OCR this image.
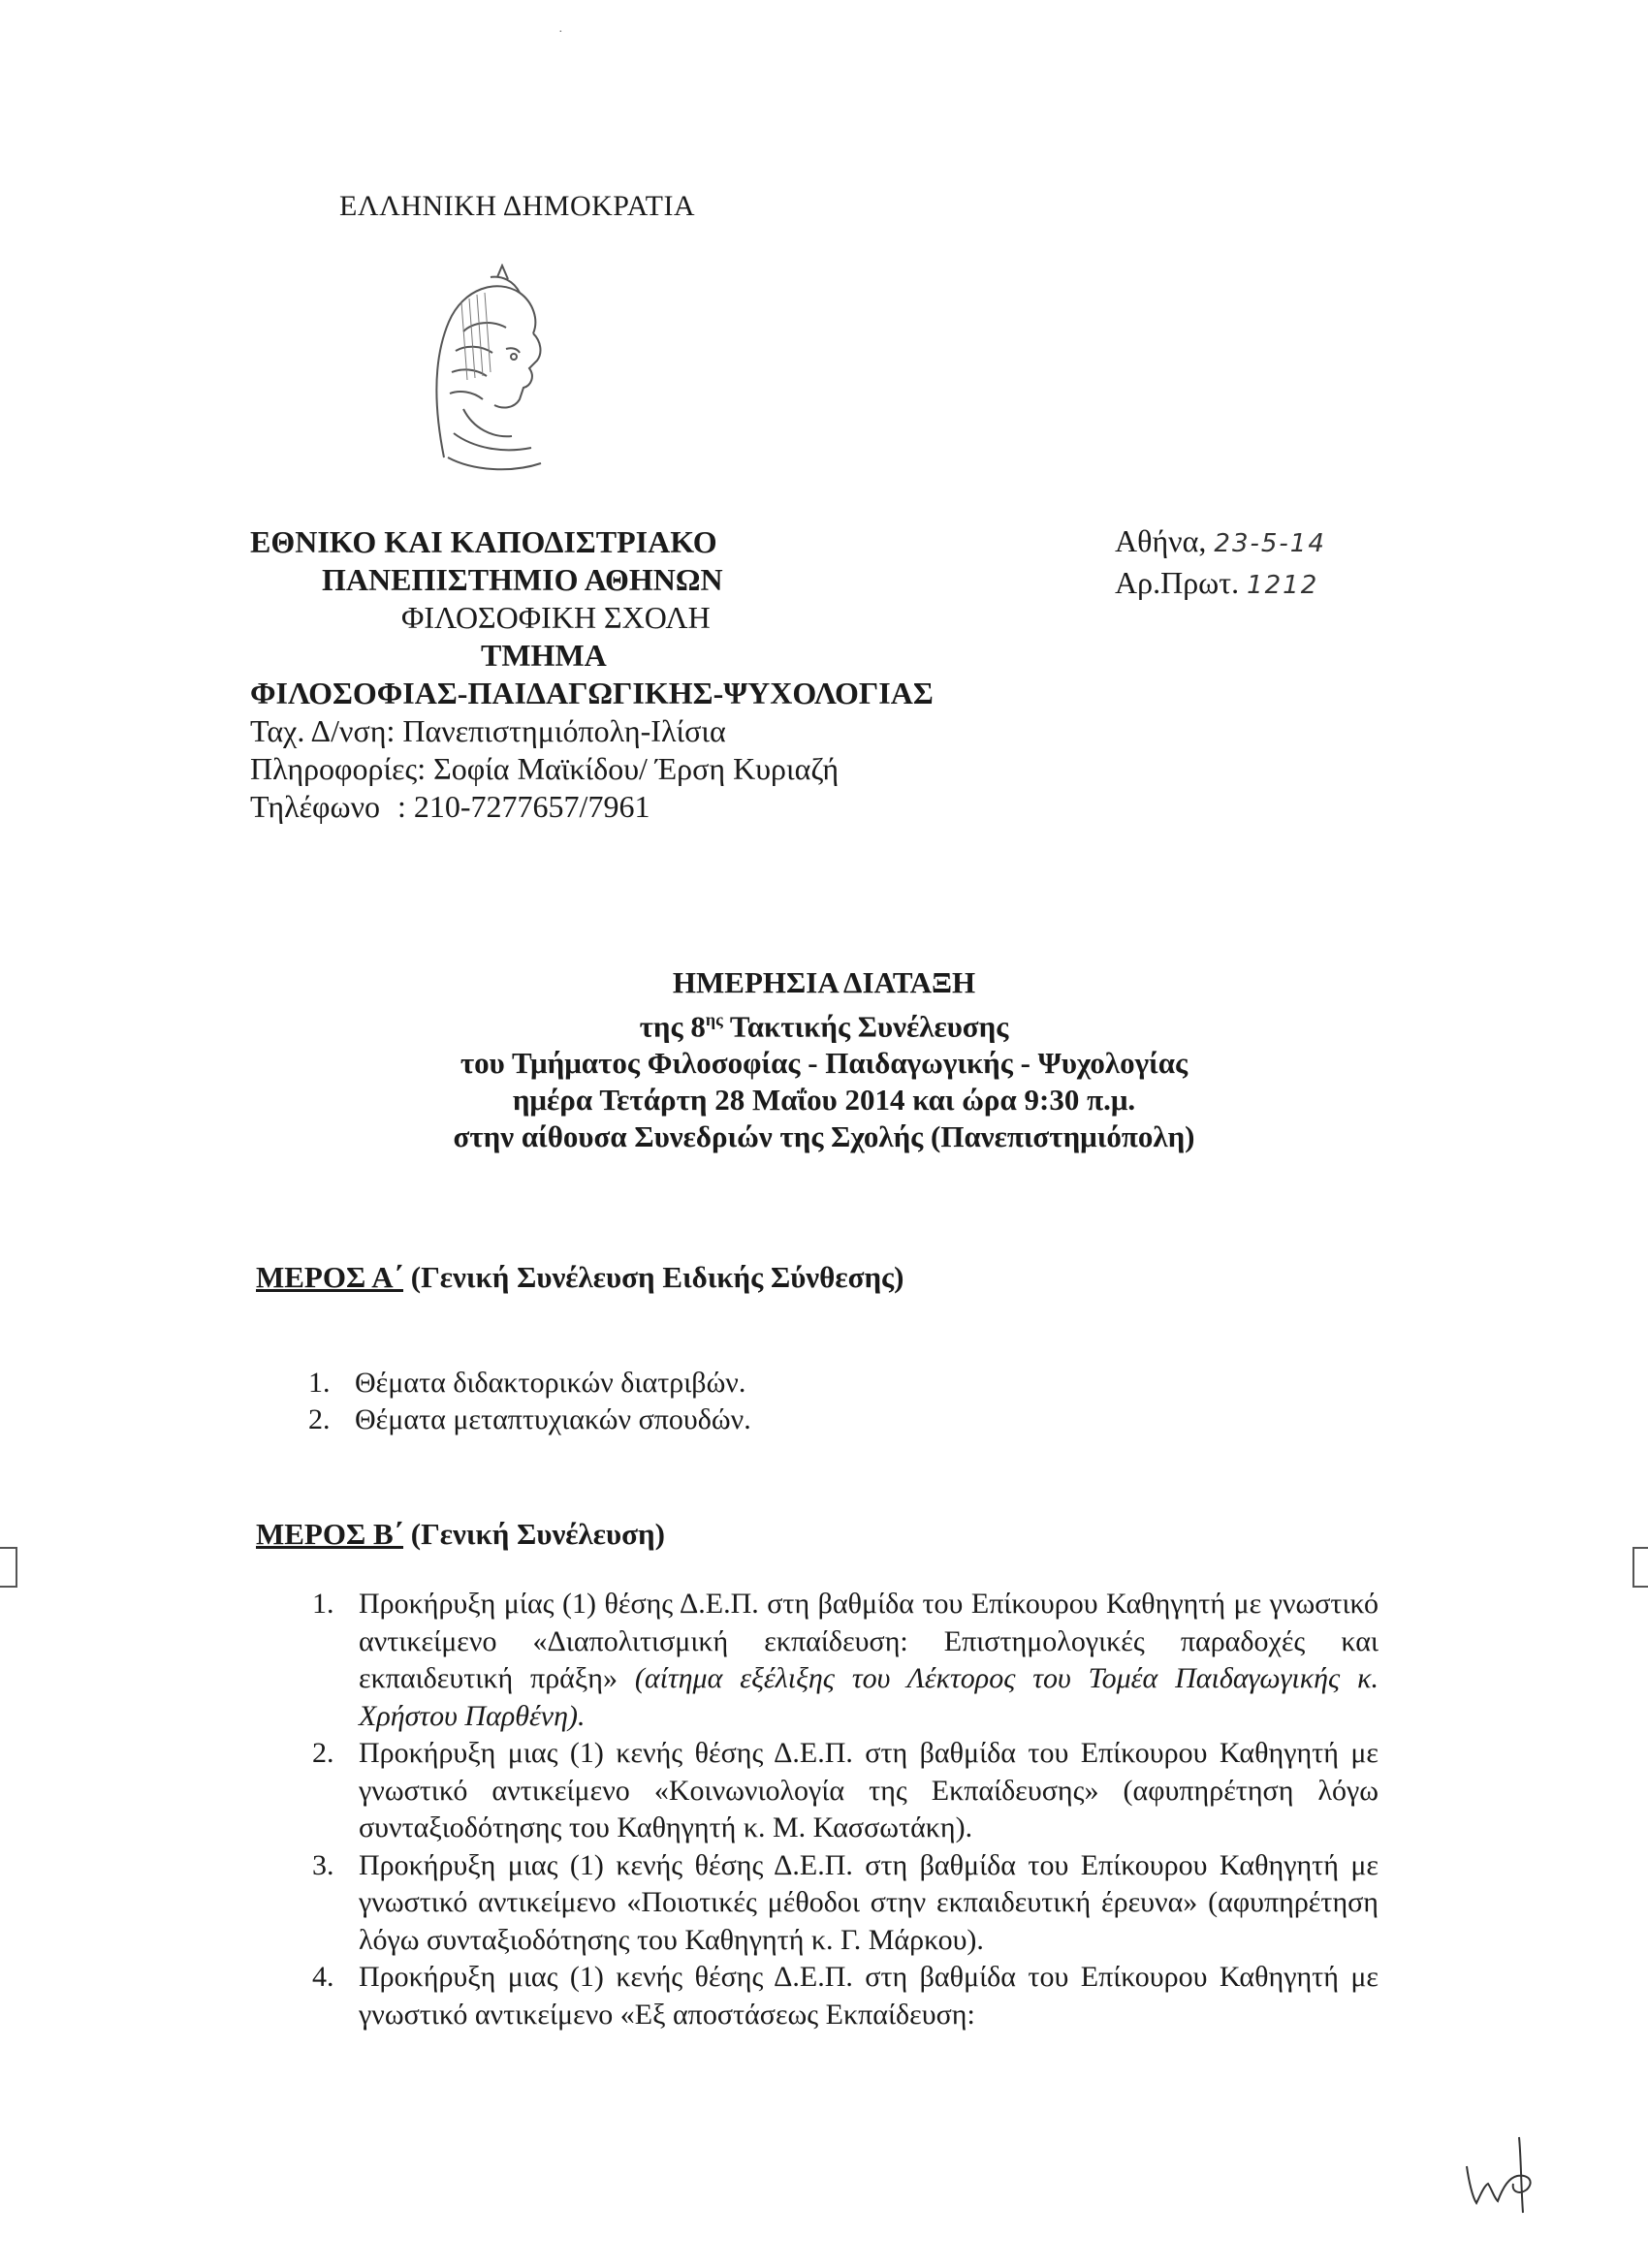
·
ΕΛΛΗΝΙΚΗ ΔΗΜΟΚΡΑΤΙΑ
ΕΘΝΙΚΟ ΚΑΙ ΚΑΠΟΔΙΣΤΡΙΑΚΟ
ΠΑΝΕΠΙΣΤΗΜΙΟ ΑΘΗΝΩΝ
ΦΙΛΟΣΟΦΙΚΗ ΣΧΟΛΗ
ΤΜΗΜΑ
ΦΙΛΟΣΟΦΙΑΣ-ΠΑΙΔΑΓΩΓΙΚΗΣ-ΨΥΧΟΛΟΓΙΑΣ
Ταχ. Δ/νση: Πανεπιστημιόπολη-Ιλίσια
Πληροφορίες: Σοφία Μαϊκίδου/ Έρση Κυριαζή
Τηλέφωνο : 210-7277657/7961
Αθήνα, 23-5-14
Αρ.Πρωτ. 1212
ΗΜΕΡΗΣΙΑ ΔΙΑΤΑΞΗ
της $8^{\eta\varsigma}$ Τακτικής Συνέλευσης
του Τμήματος Φιλοσοφίας - Παιδαγωγικής - Ψυχολογίας
ημέρα Τετάρτη 28 Μαΐου 2014 και ώρα 9:30 π.μ.
στην αίθουσα Συνεδριών της Σχολής (Πανεπιστημιόπολη)
ΜΕΡΟΣ Α΄ (Γενική Συνέλευση Ειδικής Σύνθεσης)
1. Θέματα διδακτορικών διατριβών.
2. Θέματα μεταπτυχιακών σπουδών.
ΜΕΡΟΣ Β΄ (Γενική Συνέλευση)
1. Προκήρυξη μίας (1) θέσης Δ.Ε.Π. στη βαθμίδα του Επίκουρου Καθηγητή με γνωστικό αντικείμενο «Διαπολιτισμική εκπαίδευση: Επιστημολογικές παραδοχές και εκπαιδευτική πράξη» (αίτημα εξέλιξης του Λέκτορος του Τομέα Παιδαγωγικής κ. Χρήστου Παρθένη).
2. Προκήρυξη μιας (1) κενής θέσης Δ.Ε.Π. στη βαθμίδα του Επίκουρου Καθηγητή με γνωστικό αντικείμενο «Κοινωνιολογία της Εκπαίδευσης» (αφυπηρέτηση λόγω συνταξιοδότησης του Καθηγητή κ. Μ. Κασσωτάκη).
3. Προκήρυξη μιας (1) κενής θέσης Δ.Ε.Π. στη βαθμίδα του Επίκουρου Καθηγητή με γνωστικό αντικείμενο «Ποιοτικές μέθοδοι στην εκπαιδευτική έρευνα» (αφυπηρέτηση λόγω συνταξιοδότησης του Καθηγητή κ. Γ. Μάρκου).
4. Προκήρυξη μιας (1) κενής θέσης Δ.Ε.Π. στη βαθμίδα του Επίκουρου Καθηγητή με γνωστικό αντικείμενο «Εξ αποστάσεως Εκπαίδευση:
